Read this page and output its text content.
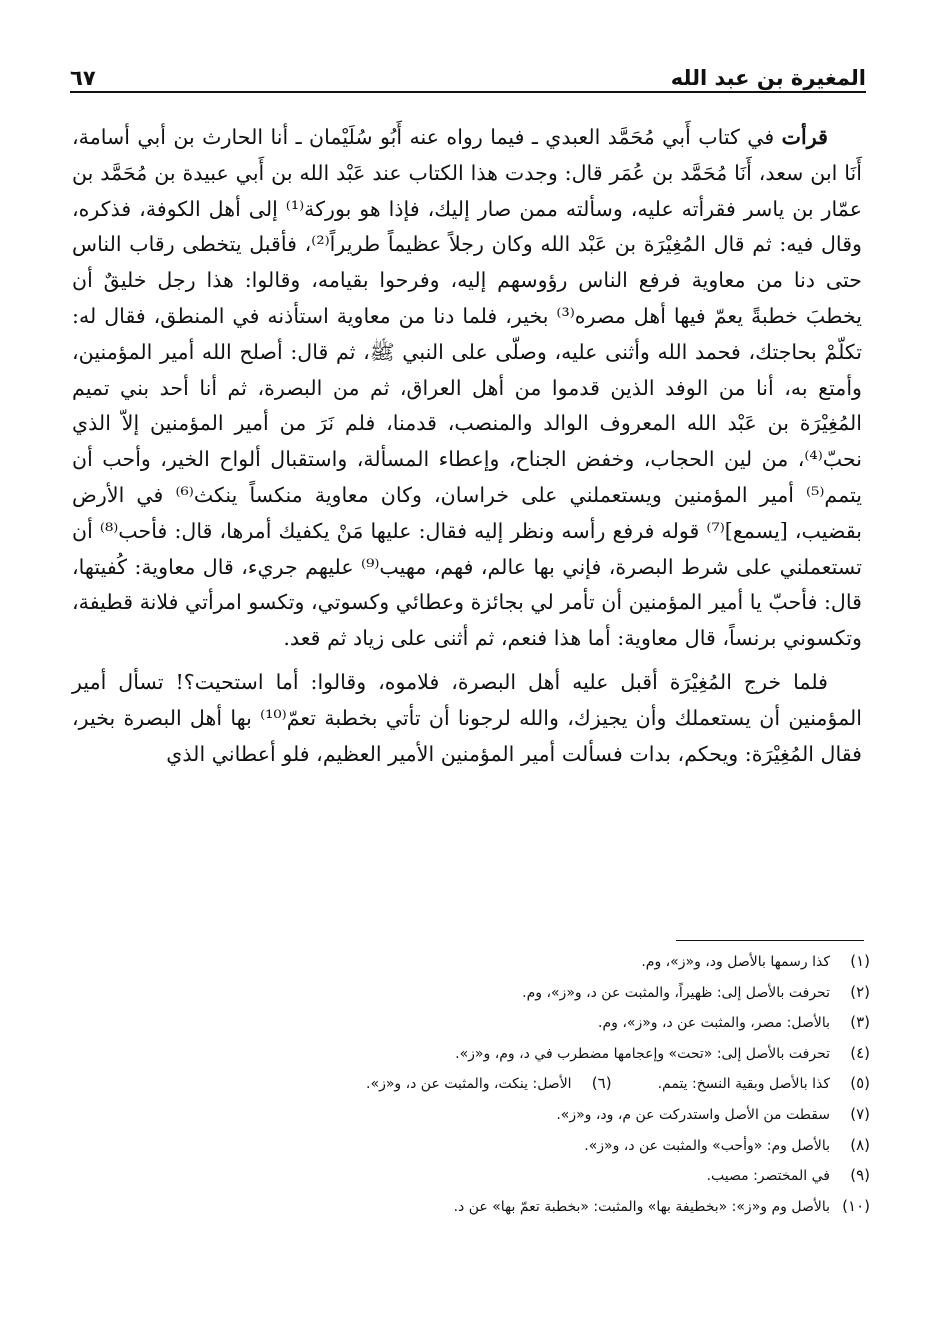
المغيرة بن عبد الله
٦٧

قرأت في كتاب أَبي مُحَمَّد العبدي ـ فيما رواه عنه أَبُو سُلَيْمان ـ أنا الحارث بن أبي أسامة، أَنَا ابن سعد، أَنَا مُحَمَّد بن عُمَر قال: وجدت هذا الكتاب عند عَبْد الله بن أَبي عبيدة بن مُحَمَّد بن عمّار بن ياسر فقرأته عليه، وسألته ممن صار إليك، فإذا هو بوركة⁽¹⁾ إلى أهل الكوفة، فذكره، وقال فيه: ثم قال المُغِيْرَة بن عَبْد الله وكان رجلاً عظيماً طريراً⁽²⁾، فأقبل يتخطى رقاب الناس حتى دنا من معاوية فرفع الناس رؤوسهم إليه، وفرحوا بقيامه، وقالوا: هذا رجل خليقٌ أن يخطبَ خطبةً يعمّ فيها أهل مصره⁽³⁾ بخير، فلما دنا من معاوية استأذنه في المنطق، فقال له: تكلّمْ بحاجتك، فحمد الله وأثنى عليه، وصلّى على النبي ﷺ، ثم قال: أصلح الله أمير المؤمنين، وأمتع به، أنا من الوفد الذين قدموا من أهل العراق، ثم من البصرة، ثم أنا أحد بني تميم المُغِيْرَة بن عَبْد الله المعروف الوالد والمنصب، قدمنا، فلم نَرَ من أمير المؤمنين إلاّ الذي نحبّ⁽⁴⁾، من لين الحجاب، وخفض الجناح، وإعطاء المسألة، واستقبال ألواح الخير، وأحب أن يتمم⁽⁵⁾ أمير المؤمنين ويستعملني على خراسان، وكان معاوية منكساً ينكث⁽⁶⁾ في الأرض بقضيب، [يسمع]⁽⁷⁾ قوله فرفع رأسه ونظر إليه فقال: عليها مَنْ يكفيك أمرها، قال: فأحب⁽⁸⁾ أن تستعملني على شرط البصرة، فإني بها عالم، فهم، مهيب⁽⁹⁾ عليهم جريء، قال معاوية: كُفيتها، قال: فأحبّ يا أمير المؤمنين أن تأمر لي بجائزة وعطائي وكسوتي، وتكسو امرأتي فلانة قطيفة، وتكسوني برنساً، قال معاوية: أما هذا فنعم، ثم أثنى على زياد ثم قعد.

فلما خرج المُغِيْرَة أقبل عليه أهل البصرة، فلاموه، وقالوا: أما استحيت؟! تسأل أمير المؤمنين أن يستعملك وأن يجيزك، والله لرجونا أن تأتي بخطبة تعمّ⁽¹⁰⁾ بها أهل البصرة بخير، فقال المُغِيْرَة: ويحكم، بدات فسألت أمير المؤمنين الأمير العظيم، فلو أعطاني الذي

(١)
كذا رسمها بالأصل ود، و«ز»، وم.
(٢)
تحرفت بالأصل إلى: ظهيراً، والمثبت عن د، و«ز»، وم.
(٣)
بالأصل: مصر، والمثبت عن د، و«ز»، وم.
(٤)
تحرفت بالأصل إلى: «تحت» وإعجامها مضطرب في د، وم، و«ز».
(٥)
كذا بالأصل وبقية النسخ: يتمم.
(٦)
الأصل: ينكت، والمثبت عن د، و«ز».
(٧)
سقطت من الأصل واستدركت عن م، ود، و«ز».
(٨)
بالأصل وم: «وأحب» والمثبت عن د، و«ز».
(٩)
في المختصر: مصيب.
(١٠)
بالأصل وم و«ز»: «بخطيفة بها» والمثبت: «بخطبة تعمّ بها» عن د.
